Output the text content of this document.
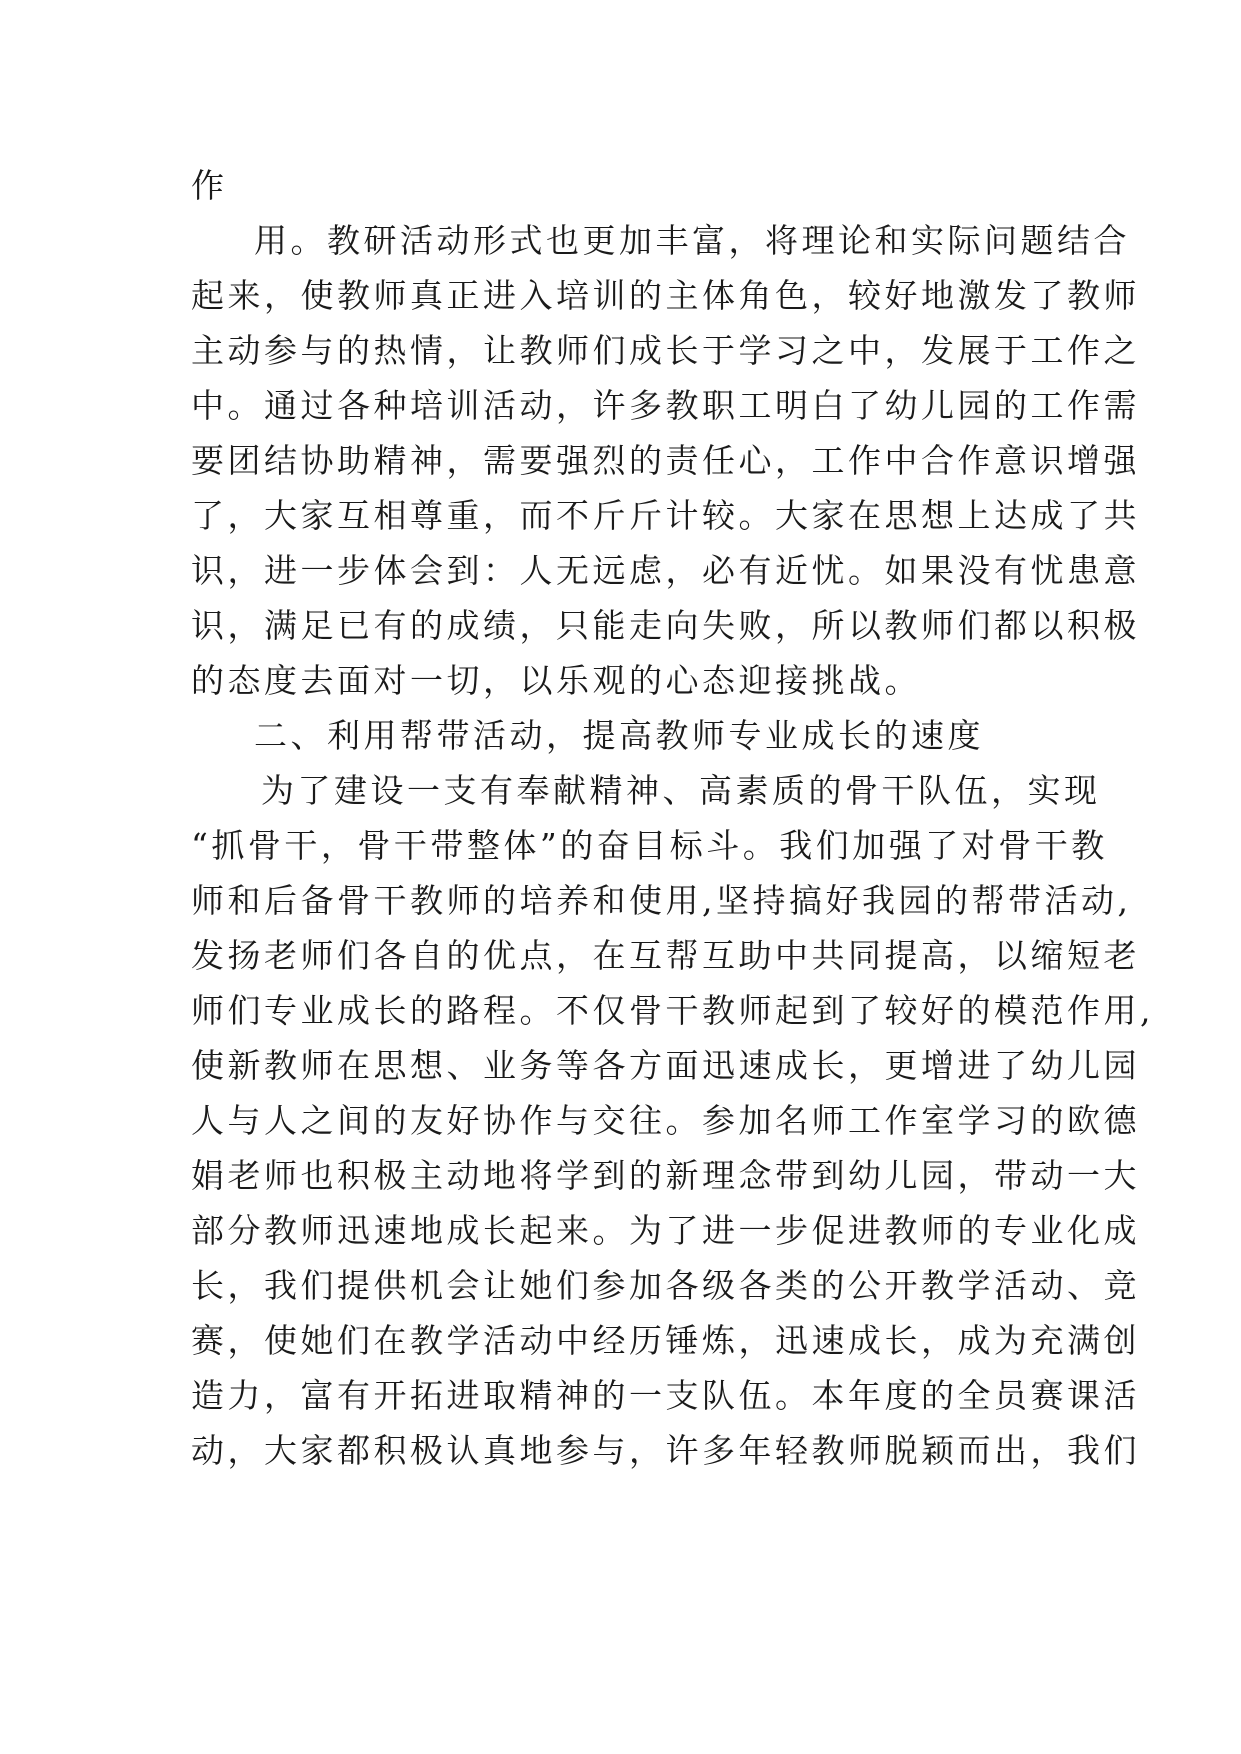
作
用。教研活动形式也更加丰富，将理论和实际问题结合
起来，使教师真正进入培训的主体角色，较好地激发了教师
主动参与的热情，让教师们成长于学习之中，发展于工作之
中。通过各种培训活动，许多教职工明白了幼儿园的工作需
要团结协助精神，需要强烈的责任心，工作中合作意识增强
了，大家互相尊重，而不斤斤计较。大家在思想上达成了共
识，进一步体会到：人无远虑，必有近忧。如果没有忧患意
识，满足已有的成绩，只能走向失败，所以教师们都以积极
的态度去面对一切，以乐观的心态迎接挑战。
二、利用帮带活动，提高教师专业成长的速度
为了建设一支有奉献精神、高素质的骨干队伍，实现
“抓骨干，骨干带整体”的奋目标斗。我们加强了对骨干教
师和后备骨干教师的培养和使用,坚持搞好我园的帮带活动,
发扬老师们各自的优点，在互帮互助中共同提高，以缩短老
师们专业成长的路程。不仅骨干教师起到了较好的模范作用,
使新教师在思想、业务等各方面迅速成长，更增进了幼儿园
人与人之间的友好协作与交往。参加名师工作室学习的欧德
娟老师也积极主动地将学到的新理念带到幼儿园，带动一大
部分教师迅速地成长起来。为了进一步促进教师的专业化成
长，我们提供机会让她们参加各级各类的公开教学活动、竞
赛，使她们在教学活动中经历锤炼，迅速成长，成为充满创
造力，富有开拓进取精神的一支队伍。本年度的全员赛课活
动，大家都积极认真地参与，许多年轻教师脱颖而出，我们
